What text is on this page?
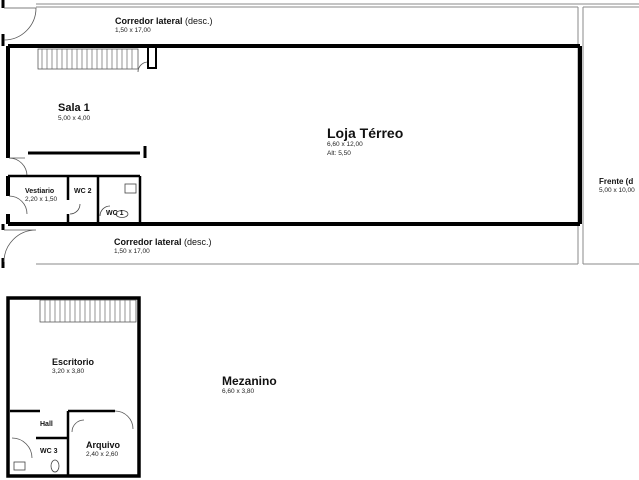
Corredor lateral (desc.)
1,50 x 17,00
Sala 1
5,00 x 4,00
Loja Térreo
6,60 x 12,00
Alt: 5,50
Vestiario
2,20 x 1,50
WC 2
WC 1
Corredor lateral (desc.)
1,50 x 17,00
Frente (d
5,00 x 10,00
Escritorio
3,20 x 3,80
Hall
WC 3
Arquivo
2,40 x 2,60
Mezanino
6,60 x 3,80
